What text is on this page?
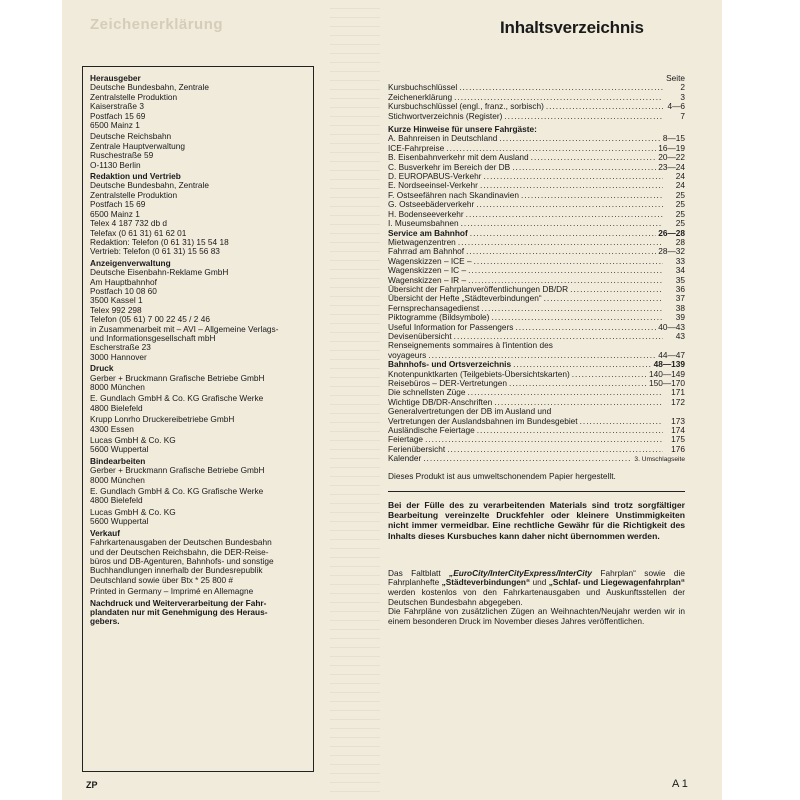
Zeichenerklärung
Herausgeber
Deutsche Bundesbahn, Zentrale
Zentralstelle Produktion
Kaiserstraße 3
Postfach 15 69
6500 Mainz 1
Deutsche Reichsbahn
Zentrale Hauptverwaltung
Ruschestraße 59
O-1130 Berlin
Redaktion und Vertrieb
Deutsche Bundesbahn, Zentrale
Zentralstelle Produktion
Postfach 15 69
6500 Mainz 1
Telex 4 187 732 db d
Telefax (0 61 31) 61 62 01
Redaktion: Telefon (0 61 31) 15 54 18
Vertrieb: Telefon (0 61 31) 15 56 83
Anzeigenverwaltung
Deutsche Eisenbahn-Reklame GmbH
Am Hauptbahnhof
Postfach 10 08 60
3500 Kassel 1
Telex 992 298
Telefon (05 61) 7 00 22 45 / 2 46
in Zusammenarbeit mit – AVI – Allgemeine Verlags-
und Informationsgesellschaft mbH
Escherstraße 23
3000 Hannover
Druck
Gerber + Bruckmann Grafische Betriebe GmbH
8000 München
E. Gundlach GmbH & Co. KG Grafische Werke
4800 Bielefeld
Krupp Lonrho Druckereibetriebe GmbH
4300 Essen
Lucas GmbH & Co. KG
5600 Wuppertal
Bindearbeiten
Gerber + Bruckmann Grafische Betriebe GmbH
8000 München
E. Gundlach GmbH & Co. KG Grafische Werke
4800 Bielefeld
Lucas GmbH & Co. KG
5600 Wuppertal
Verkauf
Fahrkartenausgaben der Deutschen Bundesbahn
und der Deutschen Reichsbahn, die DER-Reise-
büros und DB-Agenturen, Bahnhofs- und sonstige
Buchhandlungen innerhalb der Bundesrepublik
Deutschland sowie über Btx * 25 800 #
Printed in Germany – Imprimé en Allemagne
Nachdruck und Weiterverarbeitung der Fahr-
plandaten nur mit Genehmigung des Heraus-
gebers.
Inhaltsverzeichnis
Seite
Kursbuchschlüssel .....	2
Zeichenerklärung .....	3
Kursbuchschlüssel (engl., franz., sorbisch) .....	4—6
Stichwortverzeichnis (Register) .....	7
Kurze Hinweise für unsere Fahrgäste:
A. Bahnreisen in Deutschland .....	8—15
ICE-Fahrpreise .....	16—19
B. Eisenbahnverkehr mit dem Ausland .....	20—22
C. Busverkehr im Bereich der DB .....	23—24
D. EUROPABUS-Verkehr .....	24
E. Nordseeinsel-Verkehr .....	24
F. Ostseefähren nach Skandinavien .....	25
G. Ostseebäderverkehr .....	25
H. Bodenseeverkehr .....	25
I. Museumsbahnen .....	25
Service am Bahnhof .....	26—28
Mietwagenzentren .....	28
Fahrrad am Bahnhof .....	28—32
Wagenskizzen – ICE – .....	33
Wagenskizzen – IC – .....	34
Wagenskizzen – IR – .....	35
Übersicht der Fahrplanveröffentlichungen DB/DR .....	36
Übersicht der Hefte „Städteverbindungen“ .....	37
Fernsprechansagedienst .....	38
Piktogramme (Bildsymbole) .....	39
Useful Information for Passengers .....	40—43
Devisenübersicht .....	43
Renseignements sommaires à l'intention des
voyageurs .....	44—47
Bahnhofs- und Ortsverzeichnis .....	48—139
Knotenpunktkarten (Teilgebiets-Übersichtskarten) .....	140—149
Reisebüros – DER-Vertretungen .....	150—170
Die schnellsten Züge .....	171
Wichtige DB/DR-Anschriften .....	172
Generalvertretungen der DB im Ausland und
Vertretungen der Auslandsbahnen im Bundesgebiet .....	173
Ausländische Feiertage .....	174
Feiertage .....	175
Ferienübersicht .....	176
Kalender .....	3. Umschlagseite
Dieses Produkt ist aus umweltschonendem Papier hergestellt.
Bei der Fülle des zu verarbeitenden Materials sind trotz sorgfältiger Bearbeitung vereinzelte Druckfehler oder kleinere Unstimmigkeiten nicht immer vermeidbar. Eine rechtliche Gewähr für die Richtigkeit des Inhalts dieses Kursbuches kann daher nicht übernommen werden.
Das Faltblatt „EuroCity/InterCityExpress/InterCity Fahrplan“ sowie die Fahrplanhefte „Städteverbindungen“ und „Schlaf- und Liegewagenfahrplan“ werden kostenlos von den Fahrkartenausgaben und Auskunftsstellen der Deutschen Bundesbahn abgegeben.
Die Fahrpläne von zusätzlichen Zügen an Weihnachten/Neujahr werden wir in einem besonderen Druck im November dieses Jahres veröffentlichen.
ZP	A 1
